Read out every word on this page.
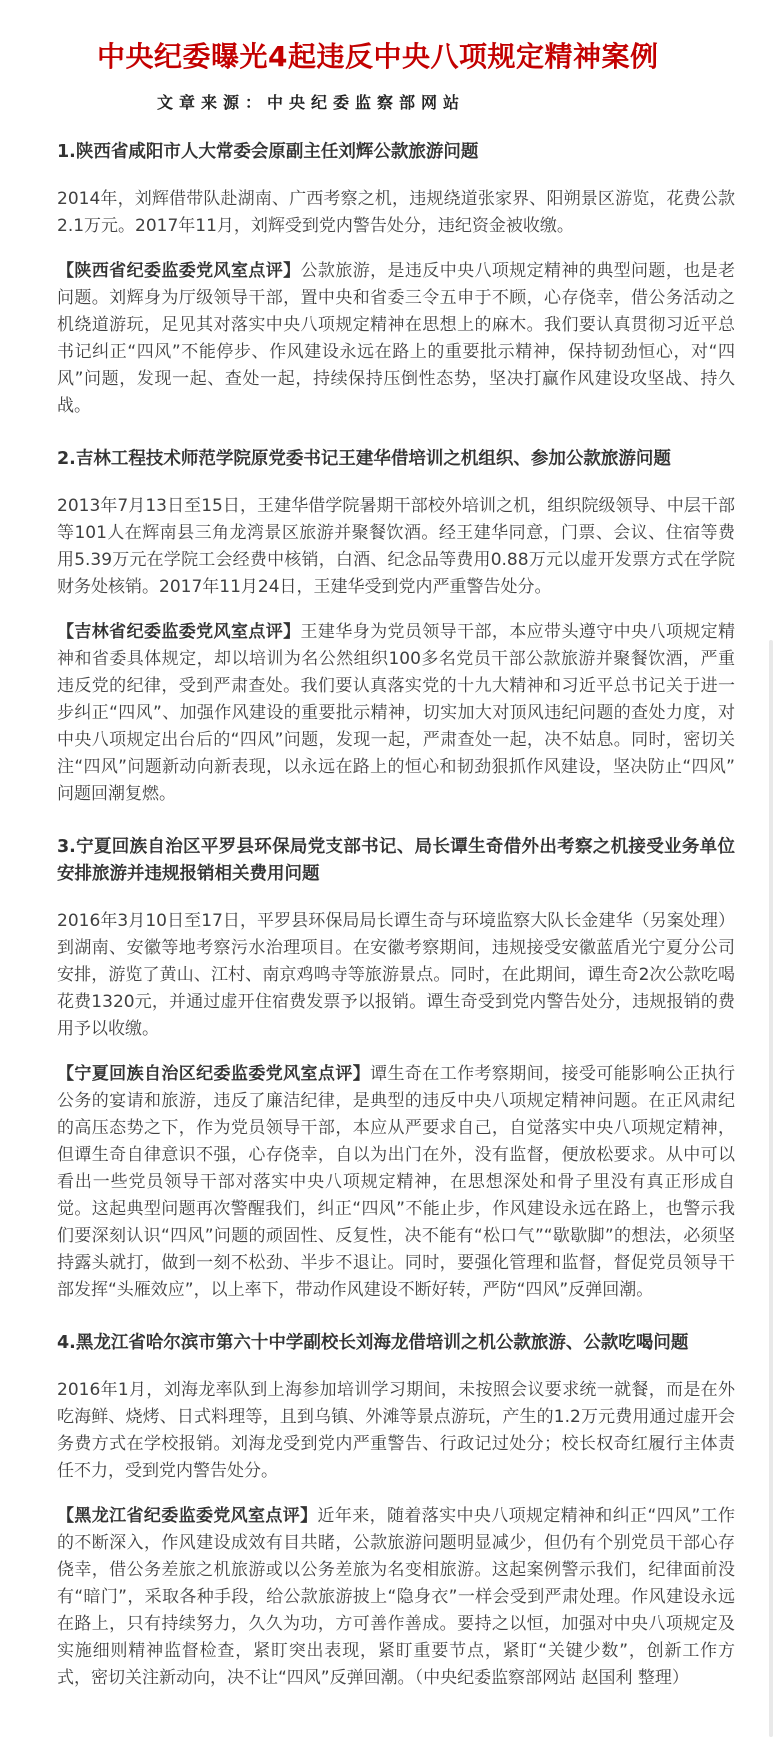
中央纪委曝光4起违反中央八项规定精神案例
文章来源：中央纪委监察部网站
1.陕西省咸阳市人大常委会原副主任刘辉公款旅游问题

2014年，刘辉借带队赴湖南、广西考察之机，违规绕道张家界、阳朔景区游览，花费公款2.1万元。2017年11月，刘辉受到党内警告处分，违纪资金被收缴。

【陕西省纪委监委党风室点评】公款旅游，是违反中央八项规定精神的典型问题，也是老问题。刘辉身为厅级领导干部，置中央和省委三令五申于不顾，心存侥幸，借公务活动之机绕道游玩，足见其对落实中央八项规定精神在思想上的麻木。我们要认真贯彻习近平总书记纠正“四风”不能停步、作风建设永远在路上的重要批示精神，保持韧劲恒心，对“四风”问题，发现一起、查处一起，持续保持压倒性态势，坚决打赢作风建设攻坚战、持久战。

2.吉林工程技术师范学院原党委书记王建华借培训之机组织、参加公款旅游问题

2013年7月13日至15日，王建华借学院暑期干部校外培训之机，组织院级领导、中层干部等101人在辉南县三角龙湾景区旅游并聚餐饮酒。经王建华同意，门票、会议、住宿等费用5.39万元在学院工会经费中核销，白酒、纪念品等费用0.88万元以虚开发票方式在学院财务处核销。2017年11月24日，王建华受到党内严重警告处分。

【吉林省纪委监委党风室点评】王建华身为党员领导干部，本应带头遵守中央八项规定精神和省委具体规定，却以培训为名公然组织100多名党员干部公款旅游并聚餐饮酒，严重违反党的纪律，受到严肃查处。我们要认真落实党的十九大精神和习近平总书记关于进一步纠正“四风”、加强作风建设的重要批示精神，切实加大对顶风违纪问题的查处力度，对中央八项规定出台后的“四风”问题，发现一起，严肃查处一起，决不姑息。同时，密切关注“四风”问题新动向新表现，以永远在路上的恒心和韧劲狠抓作风建设，坚决防止“四风”问题回潮复燃。

3.宁夏回族自治区平罗县环保局党支部书记、局长谭生奇借外出考察之机接受业务单位安排旅游并违规报销相关费用问题

2016年3月10日至17日，平罗县环保局局长谭生奇与环境监察大队长金建华（另案处理）到湖南、安徽等地考察污水治理项目。在安徽考察期间，违规接受安徽蓝盾光宁夏分公司安排，游览了黄山、江村、南京鸡鸣寺等旅游景点。同时，在此期间，谭生奇2次公款吃喝花费1320元，并通过虚开住宿费发票予以报销。谭生奇受到党内警告处分，违规报销的费用予以收缴。

【宁夏回族自治区纪委监委党风室点评】谭生奇在工作考察期间，接受可能影响公正执行公务的宴请和旅游，违反了廉洁纪律，是典型的违反中央八项规定精神问题。在正风肃纪的高压态势之下，作为党员领导干部，本应从严要求自己，自觉落实中央八项规定精神，但谭生奇自律意识不强，心存侥幸，自以为出门在外，没有监督，便放松要求。从中可以看出一些党员领导干部对落实中央八项规定精神，在思想深处和骨子里没有真正形成自觉。这起典型问题再次警醒我们，纠正“四风”不能止步，作风建设永远在路上，也警示我们要深刻认识“四风”问题的顽固性、反复性，决不能有“松口气”“歇歇脚”的想法，必须坚持露头就打，做到一刻不松劲、半步不退让。同时，要强化管理和监督，督促党员领导干部发挥“头雁效应”，以上率下，带动作风建设不断好转，严防“四风”反弹回潮。

4.黑龙江省哈尔滨市第六十中学副校长刘海龙借培训之机公款旅游、公款吃喝问题

2016年1月，刘海龙率队到上海参加培训学习期间，未按照会议要求统一就餐，而是在外吃海鲜、烧烤、日式料理等，且到乌镇、外滩等景点游玩，产生的1.2万元费用通过虚开会务费方式在学校报销。刘海龙受到党内严重警告、行政记过处分；校长权奇红履行主体责任不力，受到党内警告处分。

【黑龙江省纪委监委党风室点评】近年来，随着落实中央八项规定精神和纠正“四风”工作的不断深入，作风建设成效有目共睹，公款旅游问题明显减少，但仍有个别党员干部心存侥幸，借公务差旅之机旅游或以公务差旅为名变相旅游。这起案例警示我们，纪律面前没有“暗门”，采取各种手段，给公款旅游披上“隐身衣”一样会受到严肃处理。作风建设永远在路上，只有持续努力，久久为功，方可善作善成。要持之以恒，加强对中央八项规定及实施细则精神监督检查，紧盯突出表现，紧盯重要节点，紧盯“关键少数”，创新工作方式，密切关注新动向，决不让“四风”反弹回潮。（中央纪委监察部网站 赵国利 整理）
